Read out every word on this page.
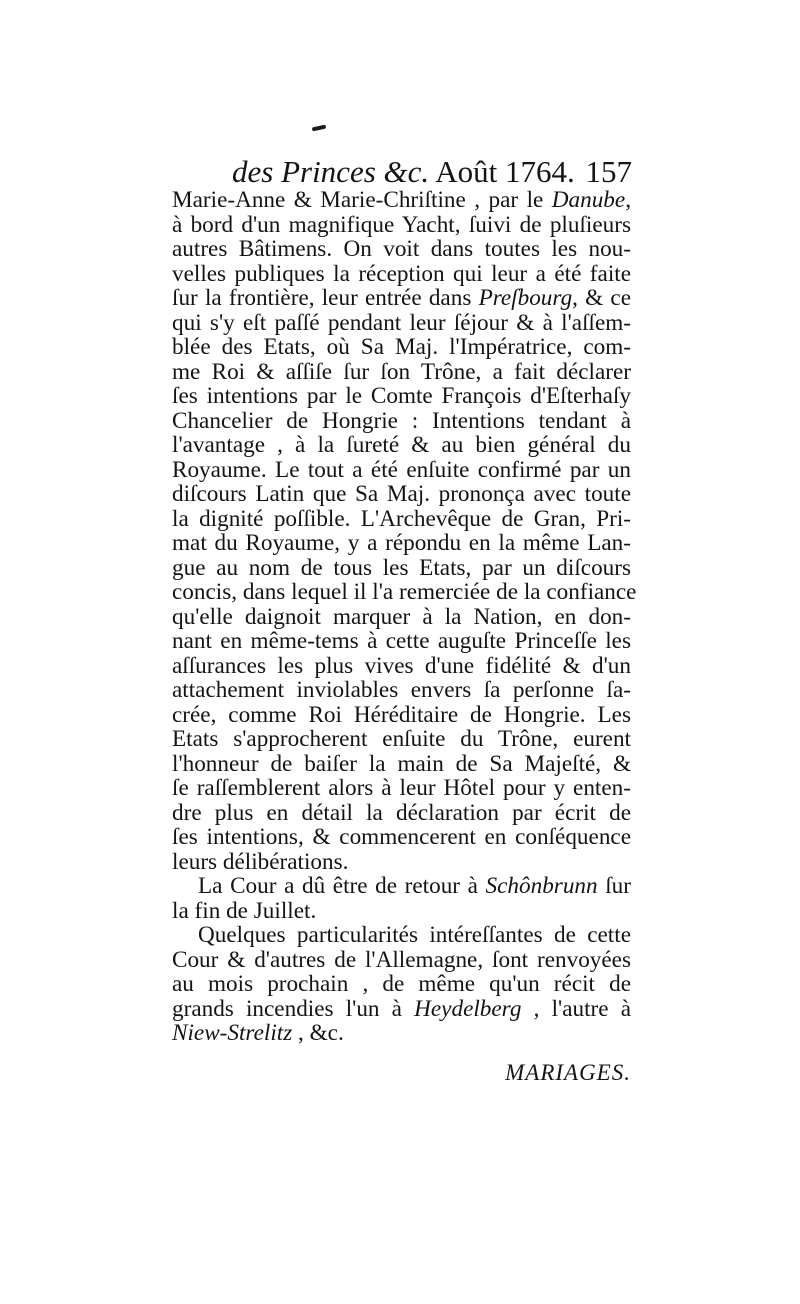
des Princes &c. Août 1764. 157
Marie-Anne & Marie-Chriſtine , par le Danube,
à bord d'un magnifique Yacht, ſuivi de pluſieurs
autres Bâtimens. On voit dans toutes les nou-
velles publiques la réception qui leur a été faite
ſur la frontière, leur entrée dans Preſbourg, & ce
qui s'y eſt paſſé pendant leur ſéjour & à l'aſſem-
blée des Etats, où Sa Maj. l'Impératrice, com-
me Roi & aſſiſe ſur ſon Trône, a fait déclarer
ſes intentions par le Comte François d'Eſterhaſy
Chancelier de Hongrie : Intentions tendant à
l'avantage , à la ſureté & au bien général du
Royaume. Le tout a été enſuite confirmé par un
diſcours Latin que Sa Maj. prononça avec toute
la dignité poſſible. L'Archevêque de Gran, Pri-
mat du Royaume, y a répondu en la même Lan-
gue au nom de tous les Etats, par un diſcours
concis, dans lequel il l'a remerciée de la confiance
qu'elle daignoit marquer à la Nation, en don-
nant en même-tems à cette auguſte Princeſſe les
aſſurances les plus vives d'une fidélité & d'un
attachement inviolables envers ſa perſonne ſa-
crée, comme Roi Héréditaire de Hongrie. Les
Etats s'approcherent enſuite du Trône, eurent
l'honneur de baiſer la main de Sa Majeſté, &
ſe raſſemblerent alors à leur Hôtel pour y enten-
dre plus en détail la déclaration par écrit de
ſes intentions, & commencerent en conſéquence
leurs délibérations.
La Cour a dû être de retour à Schônbrunn ſur
la fin de Juillet.
Quelques particularités intéreſſantes de cette
Cour & d'autres de l'Allemagne, ſont renvoyées
au mois prochain , de même qu'un récit de
grands incendies l'un à Heydelberg , l'autre à
Niew-Strelitz , &c.
MARIAGES.
